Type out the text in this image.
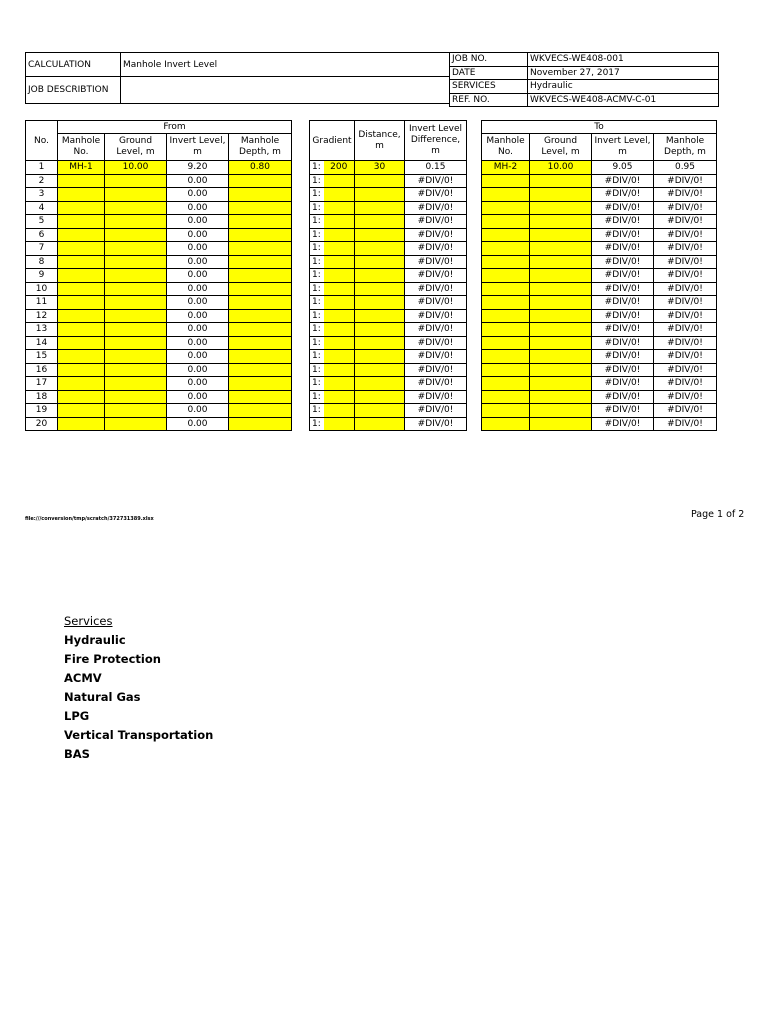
CALCULATION	Manhole Invert Level
JOB DESCRIBTION	
JOB NO.	WKVECS-WE408-001
DATE	November 27, 2017
SERVICES	Hydraulic
REF. NO.	WKVECS-WE408-ACMV-C-01
No.	From			
	Manhole No.	Ground Level, m	Invert Level, m	Manhole Depth, m
1	MH-1	10.00	9.20	0.80
2			0.00	
3			0.00	
4			0.00	
5			0.00	
6			0.00	
7			0.00	
8			0.00	
9			0.00	
10			0.00	
11			0.00	
12			0.00	
13			0.00	
14			0.00	
15			0.00	
16			0.00	
17			0.00	
18			0.00	
19			0.00	
20			0.00	
Gradient		Distance, m	Invert Level Difference, m
1:	200	30	0.15
1:			#DIV/0!
1:			#DIV/0!
1:			#DIV/0!
1:			#DIV/0!
1:			#DIV/0!
1:			#DIV/0!
1:			#DIV/0!
1:			#DIV/0!
1:			#DIV/0!
1:			#DIV/0!
1:			#DIV/0!
1:			#DIV/0!
1:			#DIV/0!
1:			#DIV/0!
1:			#DIV/0!
1:			#DIV/0!
1:			#DIV/0!
1:			#DIV/0!
1:			#DIV/0!
To			
Manhole No.	Ground Level, m	Invert Level, m	Manhole Depth, m
MH-2	10.00	9.05	0.95
		#DIV/0!	#DIV/0!
		#DIV/0!	#DIV/0!
		#DIV/0!	#DIV/0!
		#DIV/0!	#DIV/0!
		#DIV/0!	#DIV/0!
		#DIV/0!	#DIV/0!
		#DIV/0!	#DIV/0!
		#DIV/0!	#DIV/0!
		#DIV/0!	#DIV/0!
		#DIV/0!	#DIV/0!
		#DIV/0!	#DIV/0!
		#DIV/0!	#DIV/0!
		#DIV/0!	#DIV/0!
		#DIV/0!	#DIV/0!
		#DIV/0!	#DIV/0!
		#DIV/0!	#DIV/0!
		#DIV/0!	#DIV/0!
		#DIV/0!	#DIV/0!
		#DIV/0!	#DIV/0!
file:///conversion/tmp/scratch/372731389.xlsx	Page 1 of 2
Services
Hydraulic
Fire Protection
ACMV
Natural Gas
LPG
Vertical Transportation
BAS
